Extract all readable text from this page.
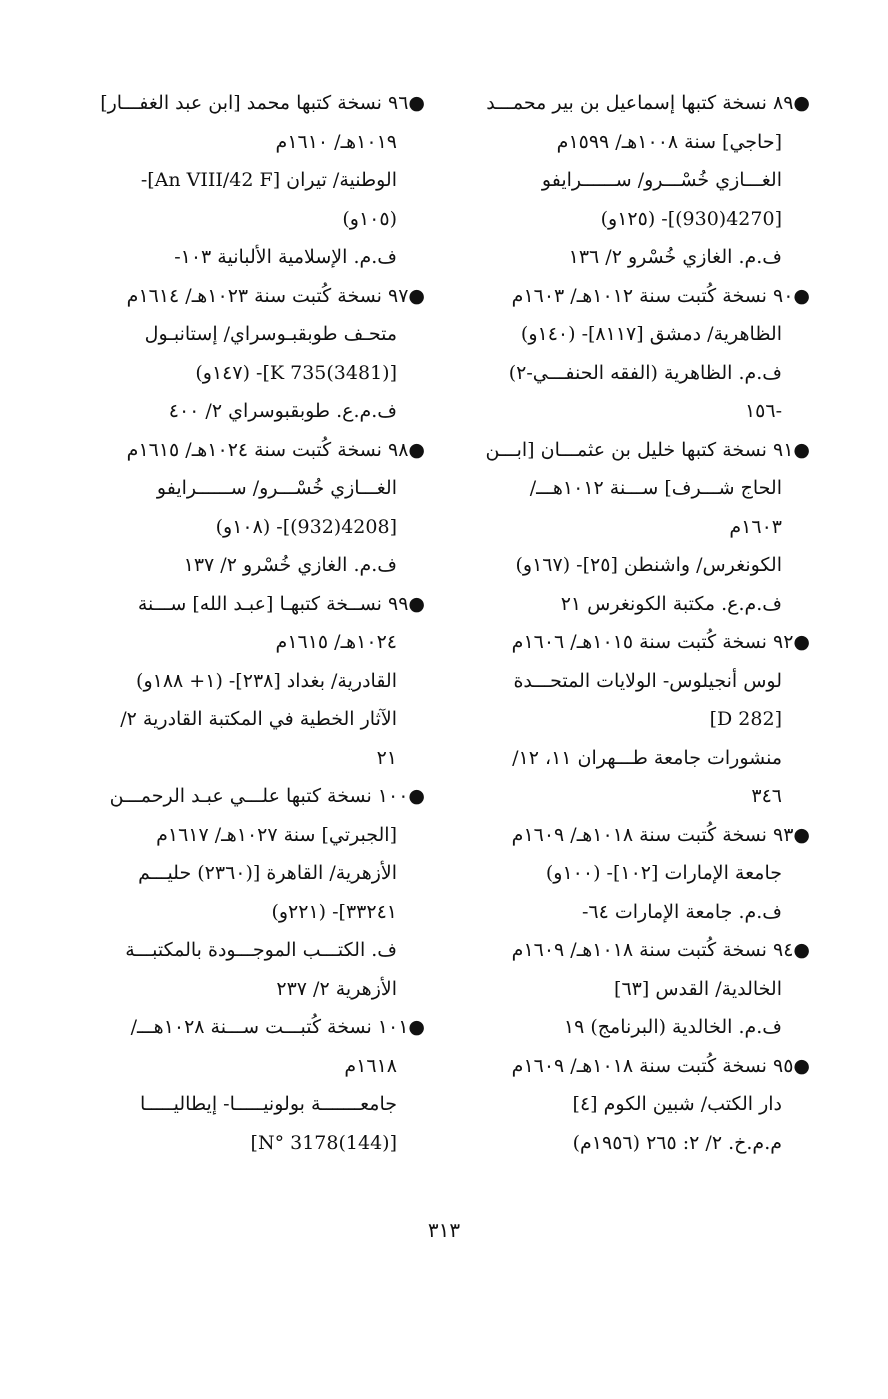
●٨٩ نسخة كتبها إسماعيل بن بير محمـــد
[حاجي] سنة ١٠٠٨هـ/ ١٥٩٩م
الغـــازي خُسْـــرو/ ســــــرايفو
[4270(930)]- (١٢٥و)
ف.م. الغازي خُسْرو ٢/ ١٣٦
●٩٠ نسخة كُتبت سنة ١٠١٢هـ/ ١٦٠٣م
الظاهرية/ دمشق [٨١١٧]- (١٤٠و)
ف.م. الظاهرية (الفقه الحنفـــي-٢)
-١٥٦
●٩١ نسخة كتبها خليل بن عثمـــان [ابـــن
الحاج شـــرف] ســـنة ١٠١٢هـــ/
١٦٠٣م
الكونغرس/ واشنطن [٢٥]- (١٦٧و)
ف.م.ع. مكتبة الكونغرس ٢١
●٩٢ نسخة كُتبت سنة ١٠١٥هـ/ ١٦٠٦م
لوس أنجيلوس- الولايات المتحـــدة
[D 282]
منشورات جامعة طـــهران ١١، ١٢/
٣٤٦
●٩٣ نسخة كُتبت سنة ١٠١٨هـ/ ١٦٠٩م
جامعة الإمارات [١٠٢]- (١٠٠و)
ف.م. جامعة الإمارات ٦٤-
●٩٤ نسخة كُتبت سنة ١٠١٨هـ/ ١٦٠٩م
الخالدية/ القدس [٦٣]
ف.م. الخالدية (البرنامج) ١٩
●٩٥ نسخة كُتبت سنة ١٠١٨هـ/ ١٦٠٩م
دار الكتب/ شبين الكوم [٤]
م.م.خ. ٢/ ٢: ٢٦٥ (١٩٥٦م)
●٩٦ نسخة كتبها محمد [ابن عبد الغفـــار]
١٠١٩هـ/ ١٦١٠م
الوطنية/ تيران [An VIII/42 F]-
(١٠٥و)
ف.م. الإسلامية الألبانية ١٠٣-
●٩٧ نسخة كُتبت سنة ١٠٢٣هـ/ ١٦١٤م
متحـف طوبقبـوسراي/ إستانبـول
[K 735(3481)]- (١٤٧و)
ف.م.ع. طوبقبوسراي ٢/ ٤٠٠
●٩٨ نسخة كُتبت سنة ١٠٢٤هـ/ ١٦١٥م
الغـــازي خُسْـــرو/ ســــــرايفو
[4208(932)]- (١٠٨و)
ف.م. الغازي خُسْرو ٢/ ١٣٧
●٩٩ نســخة كتبهـا [عبـد الله] ســـنة
١٠٢٤هـ/ ١٦١٥م
القادرية/ بغداد [٢٣٨]- (١+ ١٨٨و)
الآثار الخطية في المكتبة القادرية ٢/
٢١
●١٠٠ نسخة كتبها علـــي عبـد الرحمـــن
[الجبرتي] سنة ١٠٢٧هـ/ ١٦١٧م
الأزهرية/ القاهرة [(٢٣٦٠) حليـــم
٣٣٢٤١]- (٢٢١و)
ف. الكتـــب الموجـــودة بالمكتبـــة
الأزهرية ٢/ ٢٣٧
●١٠١ نسخة كُتبـــت ســـنة ١٠٢٨هـــ/
١٦١٨م
جامعـــــــة بولونيـــــا- إيطاليـــــا
[N° 3178(144)]
٣١٣
